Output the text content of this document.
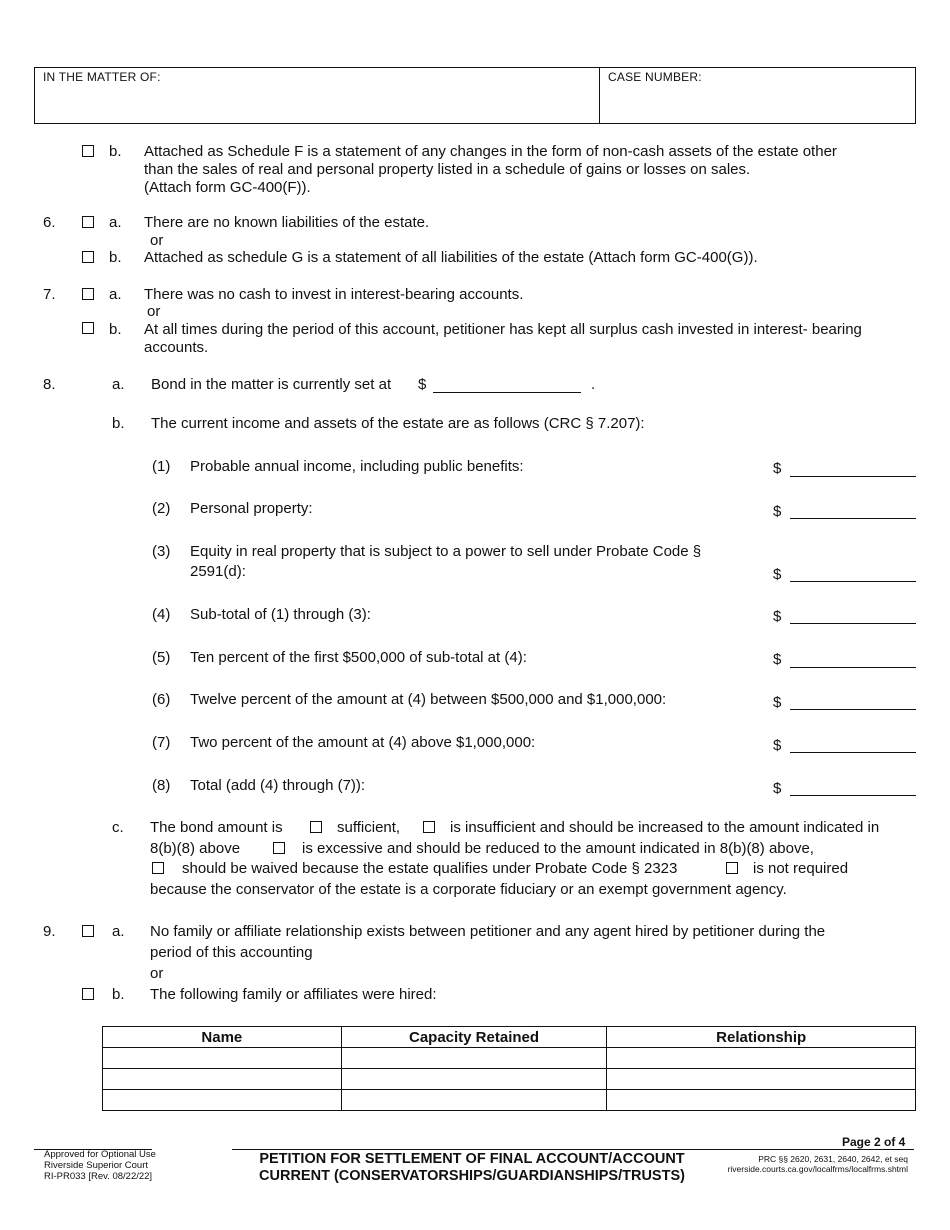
IN THE MATTER OF:	CASE NUMBER:
b. Attached as Schedule F is a statement of any changes in the form of non-cash assets of the estate other
than the sales of real and personal property listed in a schedule of gains or losses on sales.
(Attach form GC-400(F)).
6.	a. There are no known liabilities of the estate.
or
b. Attached as schedule G is a statement of all liabilities of the estate (Attach form GC-400(G)).
7.	a. There was no cash to invest in interest-bearing accounts.
or
b. At all times during the period of this account, petitioner has kept all surplus cash invested in interest- bearing
accounts.
8.	a. Bond in the matter is currently set at $	.
b. The current income and assets of the estate are as follows (CRC § 7.207):
(1) Probable annual income, including public benefits:	$
(2) Personal property:	$
(3) Equity in real property that is subject to a power to sell under Probate Code §
2591(d):	$
(4) Sub-total of (1) through (3):	$
(5) Ten percent of the first $500,000 of sub-total at (4):	$
(6) Twelve percent of the amount at (4) between $500,000 and $1,000,000:	$
(7) Two percent of the amount at (4) above $1,000,000:	$
(8) Total (add (4) through (7)):	$
c. The bond amount is	sufficient,	is insufficient and should be increased to the amount indicated in
8(b)(8) above	is excessive and should be reduced to the amount indicated in 8(b)(8) above,
should be waived because the estate qualifies under Probate Code § 2323	is not required
because the conservator of the estate is a corporate fiduciary or an exempt government agency.
9.	a. No family or affiliate relationship exists between petitioner and any agent hired by petitioner during the
period of this accounting
or
b. The following family or affiliates were hired:
Name	Capacity Retained	Relationship

Page 2 of 4
Approved for Optional Use
Riverside Superior Court
RI-PR033 [Rev. 08/22/22]
PETITION FOR SETTLEMENT OF FINAL ACCOUNT/ACCOUNT
CURRENT (CONSERVATORSHIPS/GUARDIANSHIPS/TRUSTS)
PRC §§ 2620, 2631, 2640, 2642, et seq
riverside.courts.ca.gov/localfrms/localfrms.shtml
